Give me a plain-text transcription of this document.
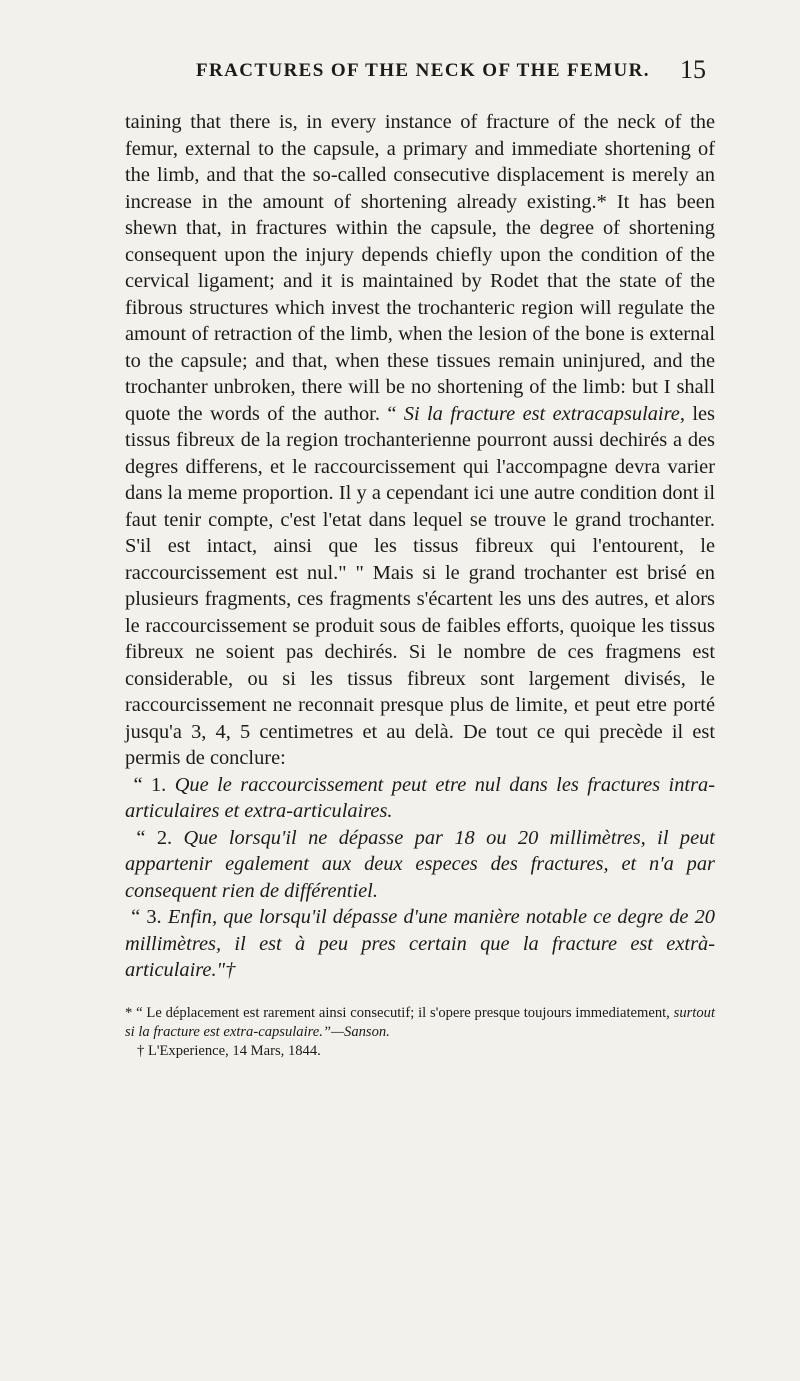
FRACTURES OF THE NECK OF THE FEMUR.	15

taining that there is, in every instance of fracture of the neck of the femur, external to the capsule, a primary and immediate shortening of the limb, and that the so-called consecutive displacement is merely an increase in the amount of shortening already existing.* It has been shewn that, in fractures within the capsule, the degree of shortening consequent upon the injury depends chiefly upon the condition of the cervical ligament; and it is maintained by Rodet that the state of the fibrous structures which invest the trochanteric region will regulate the amount of retraction of the limb, when the lesion of the bone is external to the capsule; and that, when these tissues remain uninjured, and the trochanter unbroken, there will be no shortening of the limb: but I shall quote the words of the author. “ Si la fracture est extracapsulaire, les tissus fibreux de la region trochanterienne pourront aussi dechirés a des degres differens, et le raccourcissement qui l'accompagne devra varier dans la meme proportion. Il y a cependant ici une autre condition dont il faut tenir compte, c'est l'etat dans lequel se trouve le grand trochanter. S'il est intact, ainsi que les tissus fibreux qui l'entourent, le raccourcissement est nul." " Mais si le grand trochanter est brisé en plusieurs fragments, ces fragments s'écartent les uns des autres, et alors le raccourcissement se produit sous de faibles efforts, quoique les tissus fibreux ne soient pas dechirés. Si le nombre de ces fragmens est considerable, ou si les tissus fibreux sont largement divisés, le raccourcissement ne reconnait presque plus de limite, et peut etre porté jusqu'a 3, 4, 5 centimetres et au delà. De tout ce qui precède il est permis de conclure:

“ 1. Que le raccourcissement peut etre nul dans les fractures intra-articulaires et extra-articulaires.

“ 2. Que lorsqu'il ne dépasse par 18 ou 20 millimètres, il peut appartenir egalement aux deux especes des fractures, et n'a par consequent rien de différentiel.

“ 3. Enfin, que lorsqu'il dépasse d'une manière notable ce degre de 20 millimètres, il est à peu pres certain que la fracture est extrà-articulaire."†

* “ Le déplacement est rarement ainsi consecutif; il s'opere presque toujours immediatement, surtout si la fracture est extra-capsulaire.”—Sanson.

† L'Experience, 14 Mars, 1844.
